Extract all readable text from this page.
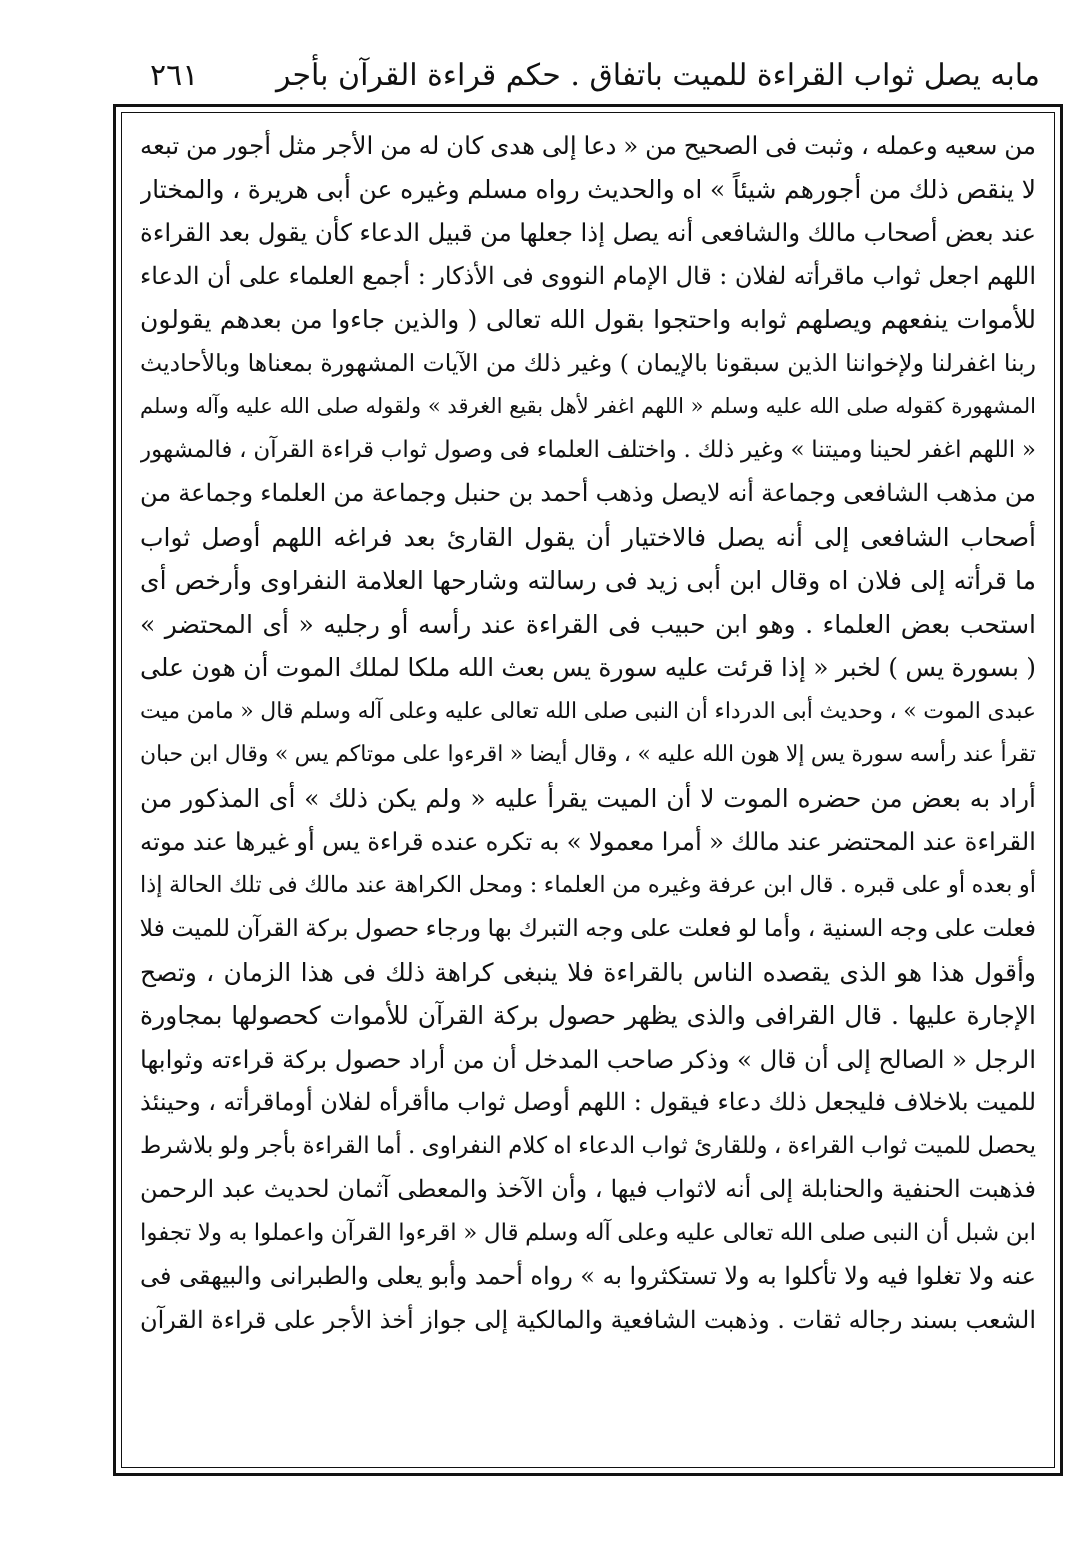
٢٦١	مابه يصل ثواب القراءة للميت باتفاق . حكم قراءة القرآن بأجر
من سعيه وعمله ، وثبت فى الصحيح من « دعا إلى هدى كان له من الأجر مثل أجور من تبعه
لا ينقص ذلك من أجورهم شيئاً » اه والحديث رواه مسلم وغيره عن أبى هريرة ، والمختار
عند بعض أصحاب مالك والشافعى أنه يصل إذا جعلها من قبيل الدعاء كأن يقول بعد القراءة
اللهم اجعل ثواب ماقرأته لفلان : قال الإمام النووى فى الأذكار : أجمع العلماء على أن الدعاء
للأموات ينفعهم ويصلهم ثوابه واحتجوا بقول الله تعالى ( والذين جاءوا من بعدهم يقولون
ربنا اغفرلنا ولإخواننا الذين سبقونا بالإيمان ) وغير ذلك من الآيات المشهورة بمعناها وبالأحاديث
المشهورة كقوله صلى الله عليه وسلم « اللهم اغفر لأهل بقيع الغرقد » ولقوله صلى الله عليه وآله وسلم
« اللهم اغفر لحينا وميتنا » وغير ذلك . واختلف العلماء فى وصول ثواب قراءة القرآن ، فالمشهور
من مذهب الشافعى وجماعة أنه لايصل وذهب أحمد بن حنبل وجماعة من العلماء وجماعة من
أصحاب الشافعى إلى أنه يصل فالاختيار أن يقول القارئ بعد فراغه اللهم أوصل ثواب
ما قرأته إلى فلان اه وقال ابن أبى زيد فى رسالته وشارحها العلامة النفراوى وأرخص أى
استحب بعض العلماء . وهو ابن حبيب فى القراءة عند رأسه أو رجليه « أى المحتضر »
( بسورة يس ) لخبر « إذا قرئت عليه سورة يس بعث الله ملكا لملك الموت أن هون على
عبدى الموت » ، وحديث أبى الدرداء أن النبى صلى الله تعالى عليه وعلى آله وسلم قال « مامن ميت
تقرأ عند رأسه سورة يس إلا هون الله عليه » ، وقال أيضا « اقرءوا على موتاكم يس » وقال ابن حبان
أراد به بعض من حضره الموت لا أن الميت يقرأ عليه « ولم يكن ذلك » أى المذكور من
القراءة عند المحتضر عند مالك « أمرا معمولا » به تكره عنده قراءة يس أو غيرها عند موته
أو بعده أو على قبره . قال ابن عرفة وغيره من العلماء : ومحل الكراهة عند مالك فى تلك الحالة إذا
فعلت على وجه السنية ، وأما لو فعلت على وجه التبرك بها ورجاء حصول بركة القرآن للميت فلا
وأقول هذا هو الذى يقصده الناس بالقراءة فلا ينبغى كراهة ذلك فى هذا الزمان ، وتصح
الإجارة عليها . قال القرافى والذى يظهر حصول بركة القرآن للأموات كحصولها بمجاورة
الرجل « الصالح إلى أن قال » وذكر صاحب المدخل أن من أراد حصول بركة قراءته وثوابها
للميت بلاخلاف فليجعل ذلك دعاء فيقول : اللهم أوصل ثواب ماأقرأه لفلان أوماقرأته ، وحينئذ
يحصل للميت ثواب القراءة ، وللقارئ ثواب الدعاء اه كلام النفراوى . أما القراءة بأجر ولو بلاشرط
فذهبت الحنفية والحنابلة إلى أنه لاثواب فيها ، وأن الآخذ والمعطى آثمان لحديث عبد الرحمن
ابن شبل أن النبى صلى الله تعالى عليه وعلى آله وسلم قال « اقرءوا القرآن واعملوا به ولا تجفوا
عنه ولا تغلوا فيه ولا تأكلوا به ولا تستكثروا به » رواه أحمد وأبو يعلى والطبرانى والبيهقى فى
الشعب بسند رجاله ثقات . وذهبت الشافعية والمالكية إلى جواز أخذ الأجر على قراءة القرآن
